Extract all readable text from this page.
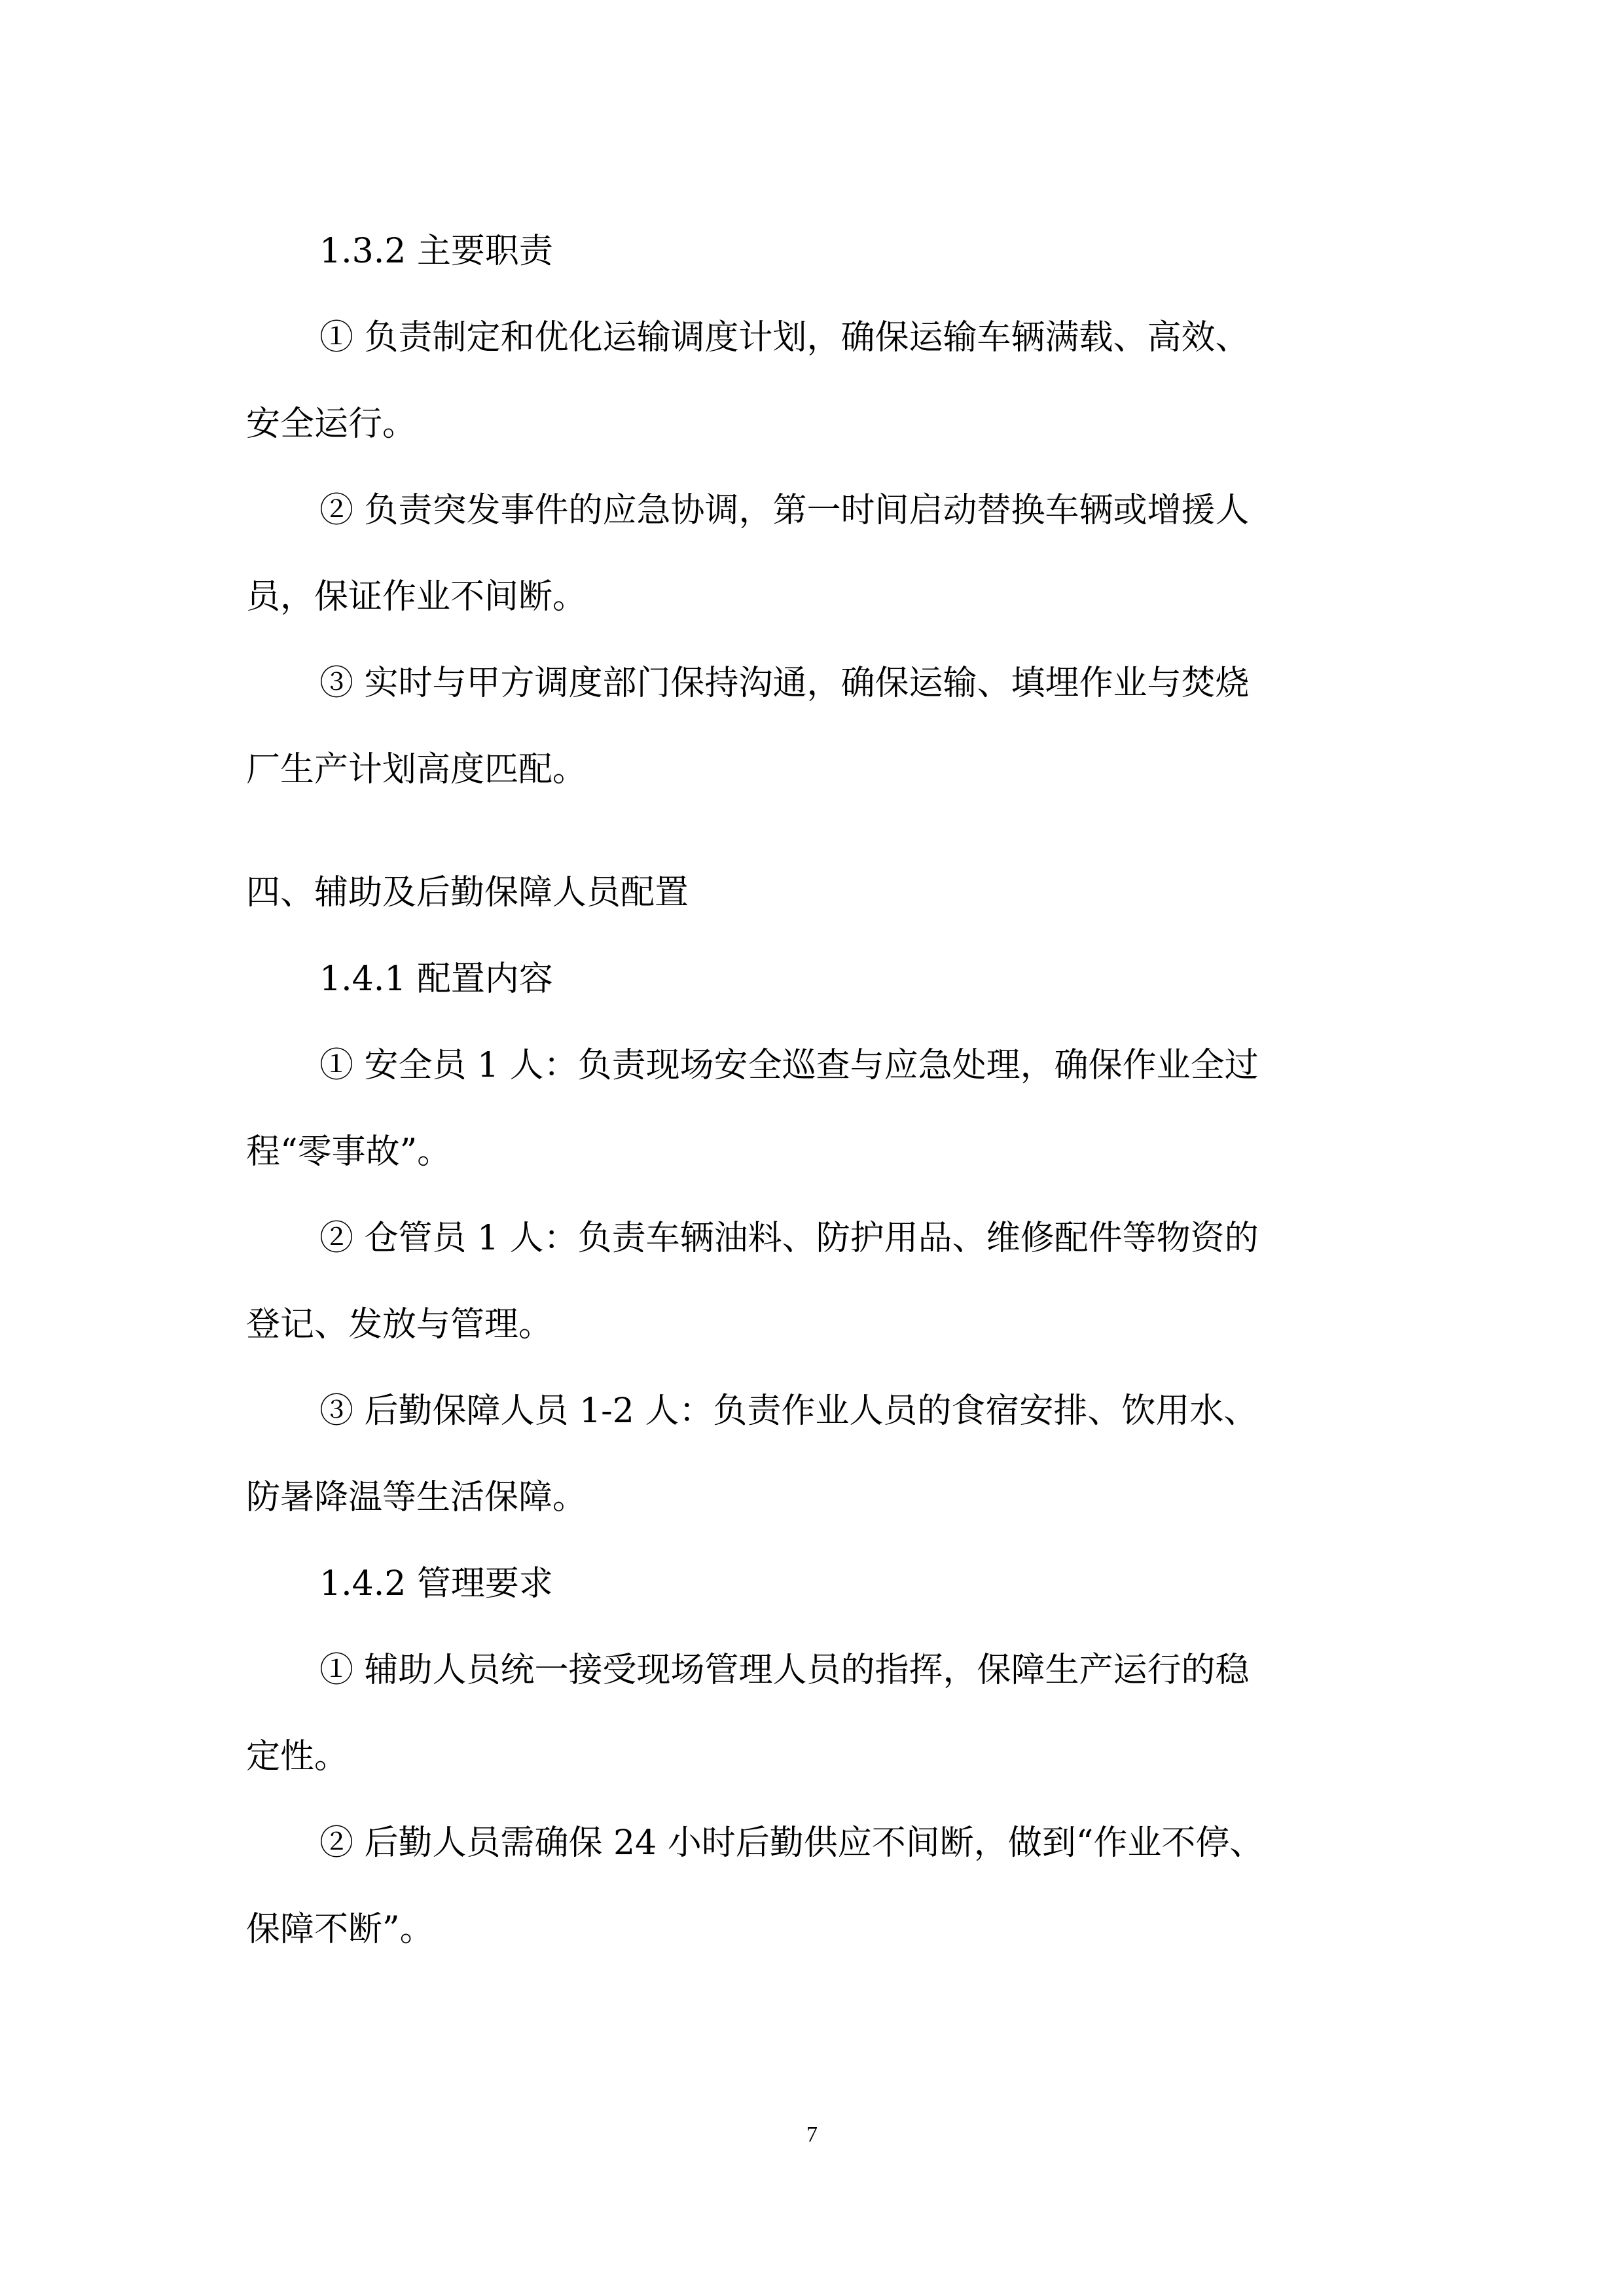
1.3.2 主要职责

① 负责制定和优化运输调度计划，确保运输车辆满载、高效、

安全运行。

② 负责突发事件的应急协调，第一时间启动替换车辆或增援人

员，保证作业不间断。

③ 实时与甲方调度部门保持沟通，确保运输、填埋作业与焚烧

厂生产计划高度匹配。

四、辅助及后勤保障人员配置

1.4.1 配置内容

① 安全员 1 人：负责现场安全巡查与应急处理，确保作业全过

程“零事故”。

② 仓管员 1 人：负责车辆油料、防护用品、维修配件等物资的

登记、发放与管理。

③ 后勤保障人员 1-2 人：负责作业人员的食宿安排、饮用水、

防暑降温等生活保障。

1.4.2 管理要求

① 辅助人员统一接受现场管理人员的指挥，保障生产运行的稳

定性。

② 后勤人员需确保 24 小时后勤供应不间断，做到“作业不停、

保障不断”。

7
